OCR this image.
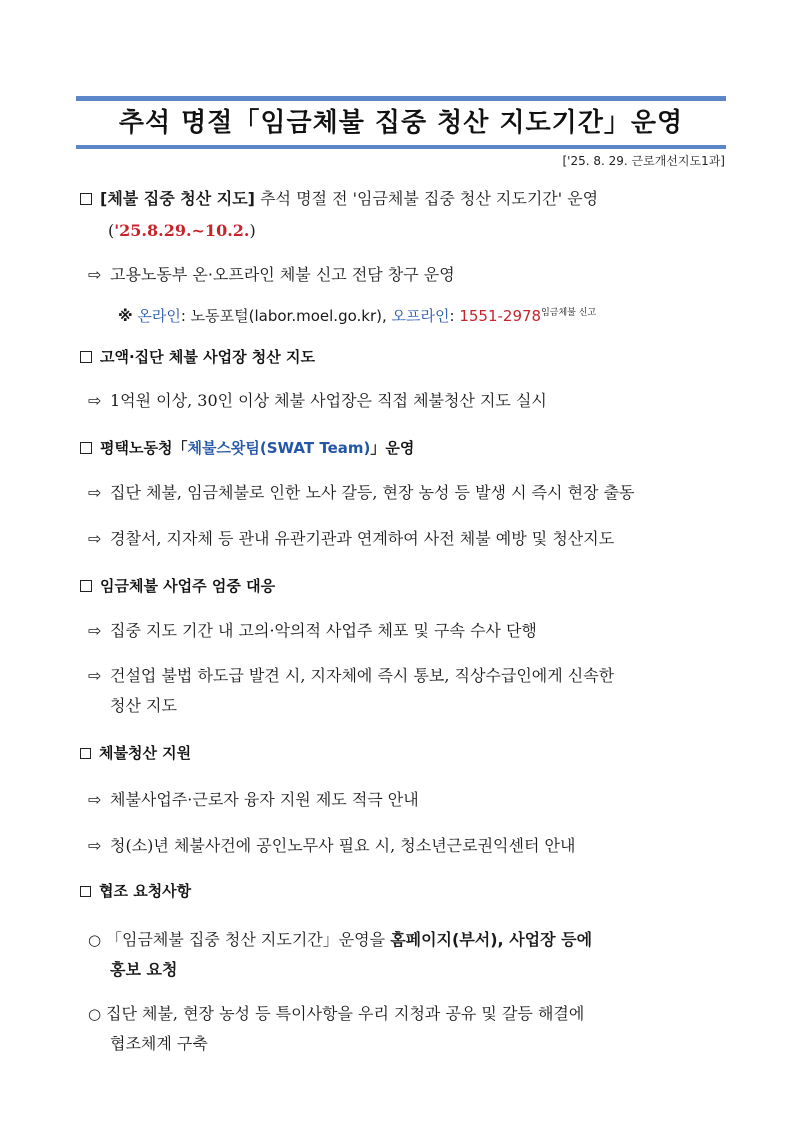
추석 명절「임금체불 집중 청산 지도기간」운영
['25. 8. 29. 근로개선지도1과]
[체불 집중 청산 지도] 추석 명절 전 '임금체불 집중 청산 지도기간' 운영
('25.8.29.~10.2.)
⇨ 고용노동부 온·오프라인 체불 신고 전담 창구 운영
※ 온라인: 노동포털(labor.moel.go.kr), 오프라인: $1551-2978^{임금체불 신고}$
고액·집단 체불 사업장 청산 지도
⇨ 1억원 이상, 30인 이상 체불 사업장은 직접 체불청산 지도 실시
평택노동청「체불스왓팀(SWAT Team)」운영
⇨ 집단 체불, 임금체불로 인한 노사 갈등, 현장 농성 등 발생 시 즉시 현장 출동
⇨ 경찰서, 지자체 등 관내 유관기관과 연계하여 사전 체불 예방 및 청산지도
임금체불 사업주 엄중 대응
⇨ 집중 지도 기간 내 고의·악의적 사업주 체포 및 구속 수사 단행
⇨ 건설업 불법 하도급 발견 시, 지자체에 즉시 통보, 직상수급인에게 신속한
청산 지도
체불청산 지원
⇨ 체불사업주·근로자 융자 지원 제도 적극 안내
⇨ 청(소)년 체불사건에 공인노무사 필요 시, 청소년근로권익센터 안내
협조 요청사항
○ 「임금체불 집중 청산 지도기간」운영을 홈페이지(부서), 사업장 등에
홍보 요청
○ 집단 체불, 현장 농성 등 특이사항을 우리 지청과 공유 및 갈등 해결에
협조체계 구축
